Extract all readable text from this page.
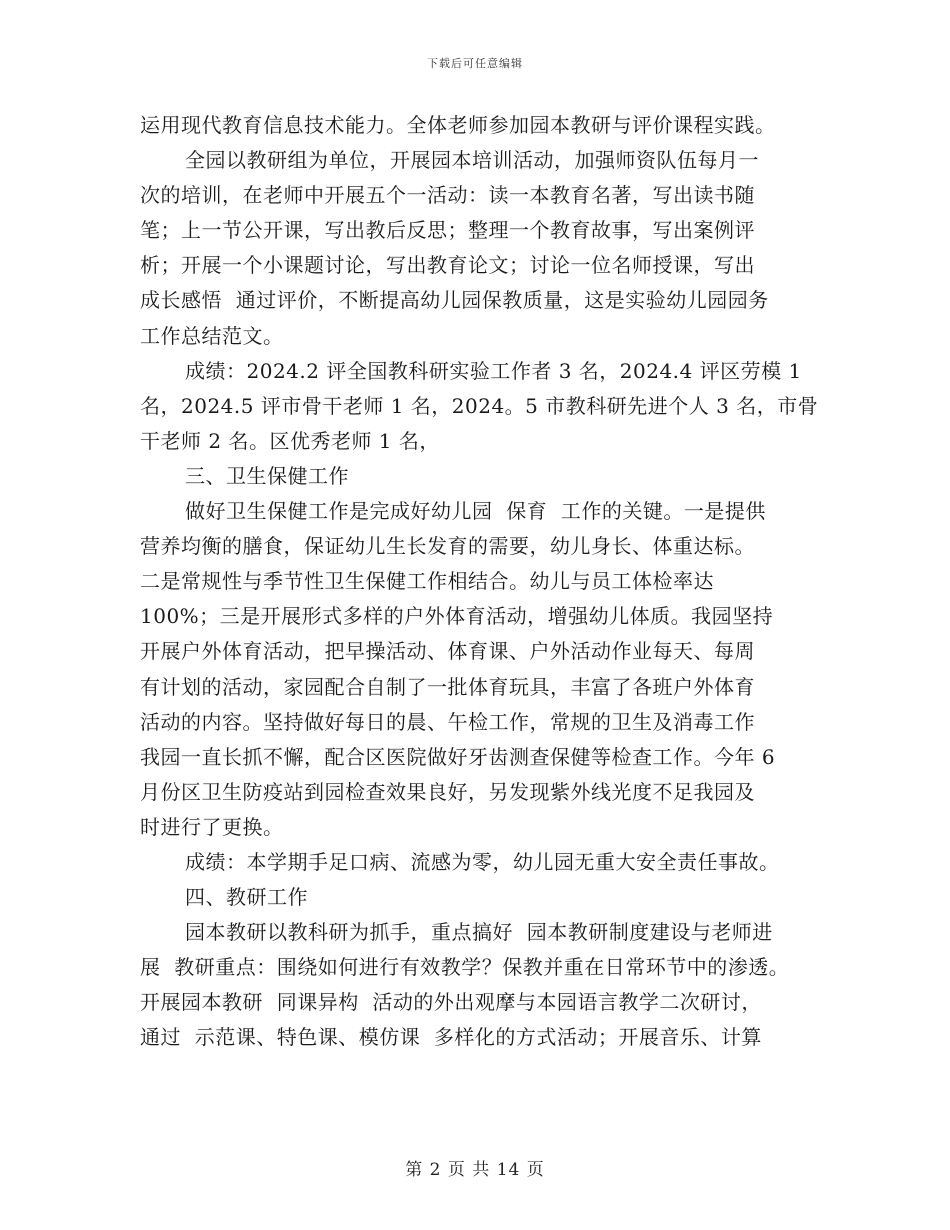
下载后可任意编辑
运用现代教育信息技术能力。全体老师参加园本教研与评价课程实践。
全园以教研组为单位，开展园本培训活动，加强师资队伍每月一
次的培训，在老师中开展五个一活动：读一本教育名著，写出读书随
笔；上一节公开课，写出教后反思；整理一个教育故事，写出案例评
析；开展一个小课题讨论，写出教育论文；讨论一位名师授课，写出
成长感悟  通过评价，不断提高幼儿园保教质量，这是实验幼儿园园务
工作总结范文。
成绩：2024.2 评全国教科研实验工作者 3 名，2024.4 评区劳模 1
名，2024.5 评市骨干老师 1 名，2024。5 市教科研先进个人 3 名，市骨
干老师 2 名。区优秀老师 1 名，
三、卫生保健工作
做好卫生保健工作是完成好幼儿园  保育  工作的关键。一是提供
营养均衡的膳食，保证幼儿生长发育的需要，幼儿身长、体重达标。
二是常规性与季节性卫生保健工作相结合。幼儿与员工体检率达
100%；三是开展形式多样的户外体育活动，增强幼儿体质。我园坚持
开展户外体育活动，把早操活动、体育课、户外活动作业每天、每周
有计划的活动，家园配合自制了一批体育玩具，丰富了各班户外体育
活动的内容。坚持做好每日的晨、午检工作，常规的卫生及消毒工作
我园一直长抓不懈，配合区医院做好牙齿测查保健等检查工作。今年 6
月份区卫生防疫站到园检查效果良好，另发现紫外线光度不足我园及
时进行了更换。
成绩：本学期手足口病、流感为零，幼儿园无重大安全责任事故。
四、教研工作
园本教研以教科研为抓手，重点搞好  园本教研制度建设与老师进
展  教研重点：围绕如何进行有效教学？保教并重在日常环节中的渗透。
开展园本教研  同课异构  活动的外出观摩与本园语言教学二次研讨，
通过  示范课、特色课、模仿课  多样化的方式活动；开展音乐、计算
第 2 页 共 14 页
